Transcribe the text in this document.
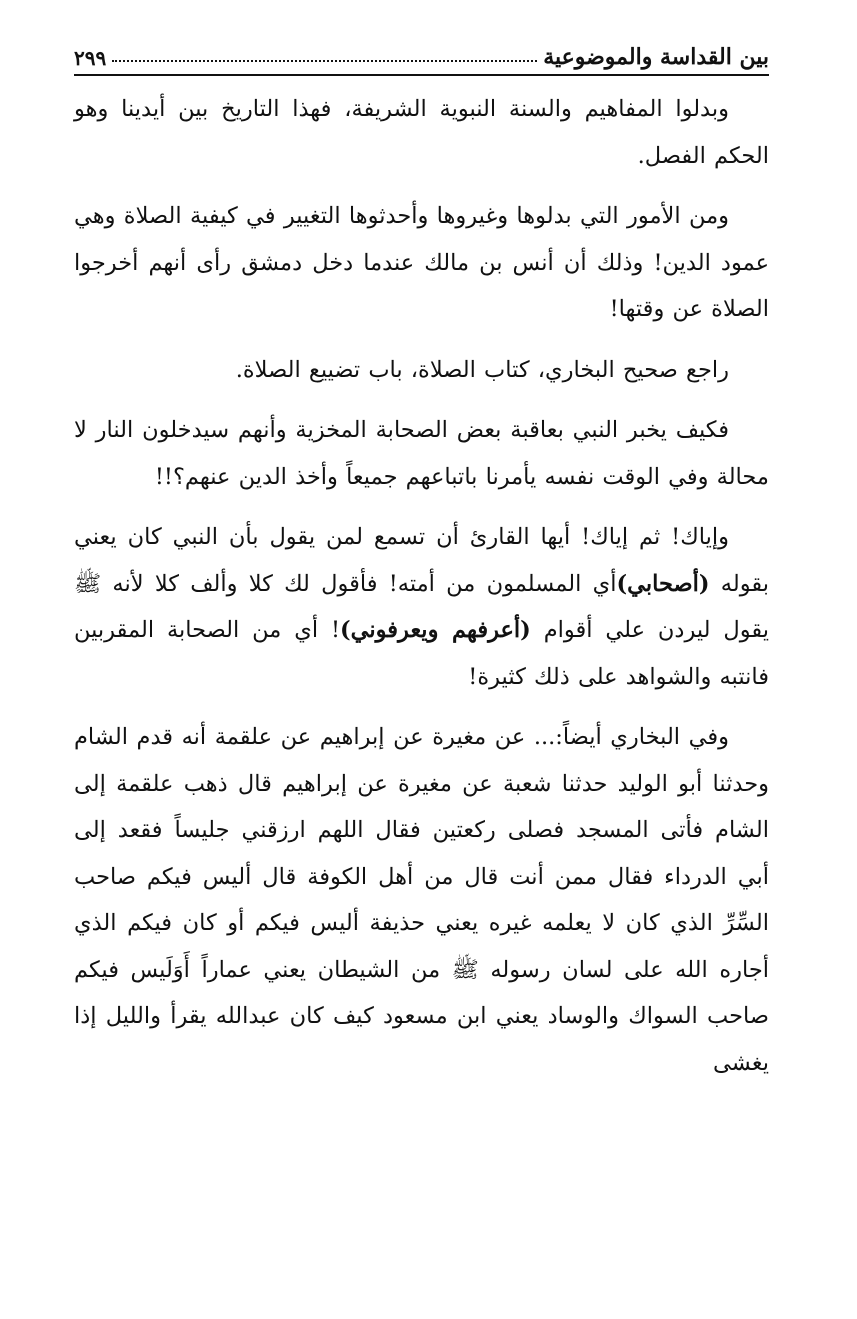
بين القداسة والموضوعية
٢٩٩

وبدلوا المفاهيم والسنة النبوية الشريفة، فهذا التاريخ بين أيدينا وهو الحكم الفصل.

ومن الأمور التي بدلوها وغيروها وأحدثوها التغيير في كيفية الصلاة وهي عمود الدين! وذلك أن أنس بن مالك عندما دخل دمشق رأى أنهم أخرجوا الصلاة عن وقتها!

راجع صحيح البخاري، كتاب الصلاة، باب تضييع الصلاة.

فكيف يخبر النبي بعاقبة بعض الصحابة المخزية وأنهم سيدخلون النار لا محالة وفي الوقت نفسه يأمرنا باتباعهم جميعاً وأخذ الدين عنهم؟!!

وإياك! ثم إياك! أيها القارئ أن تسمع لمن يقول بأن النبي كان يعني بقوله (أصحابي)أي المسلمون من أمته! فأقول لك كلا وألف كلا لأنه ﷺ يقول ليردن علي أقوام (أعرفهم ويعرفوني)! أي من الصحابة المقربين فانتبه والشواهد على ذلك كثيرة!

وفي البخاري أيضاً:... عن مغيرة عن إبراهيم عن علقمة أنه قدم الشام وحدثنا أبو الوليد حدثنا شعبة عن مغيرة عن إبراهيم قال ذهب علقمة إلى الشام فأتى المسجد فصلى ركعتين فقال اللهم ارزقني جليساً فقعد إلى أبي الدرداء فقال ممن أنت قال من أهل الكوفة قال أليس فيكم صاحب السِّرِّ الذي كان لا يعلمه غيره يعني حذيفة أليس فيكم أو كان فيكم الذي أجاره الله على لسان رسوله ﷺ من الشيطان يعني عماراً أَوَلَيس فيكم صاحب السواك والوساد يعني ابن مسعود كيف كان عبدالله يقرأ والليل إذا يغشى
